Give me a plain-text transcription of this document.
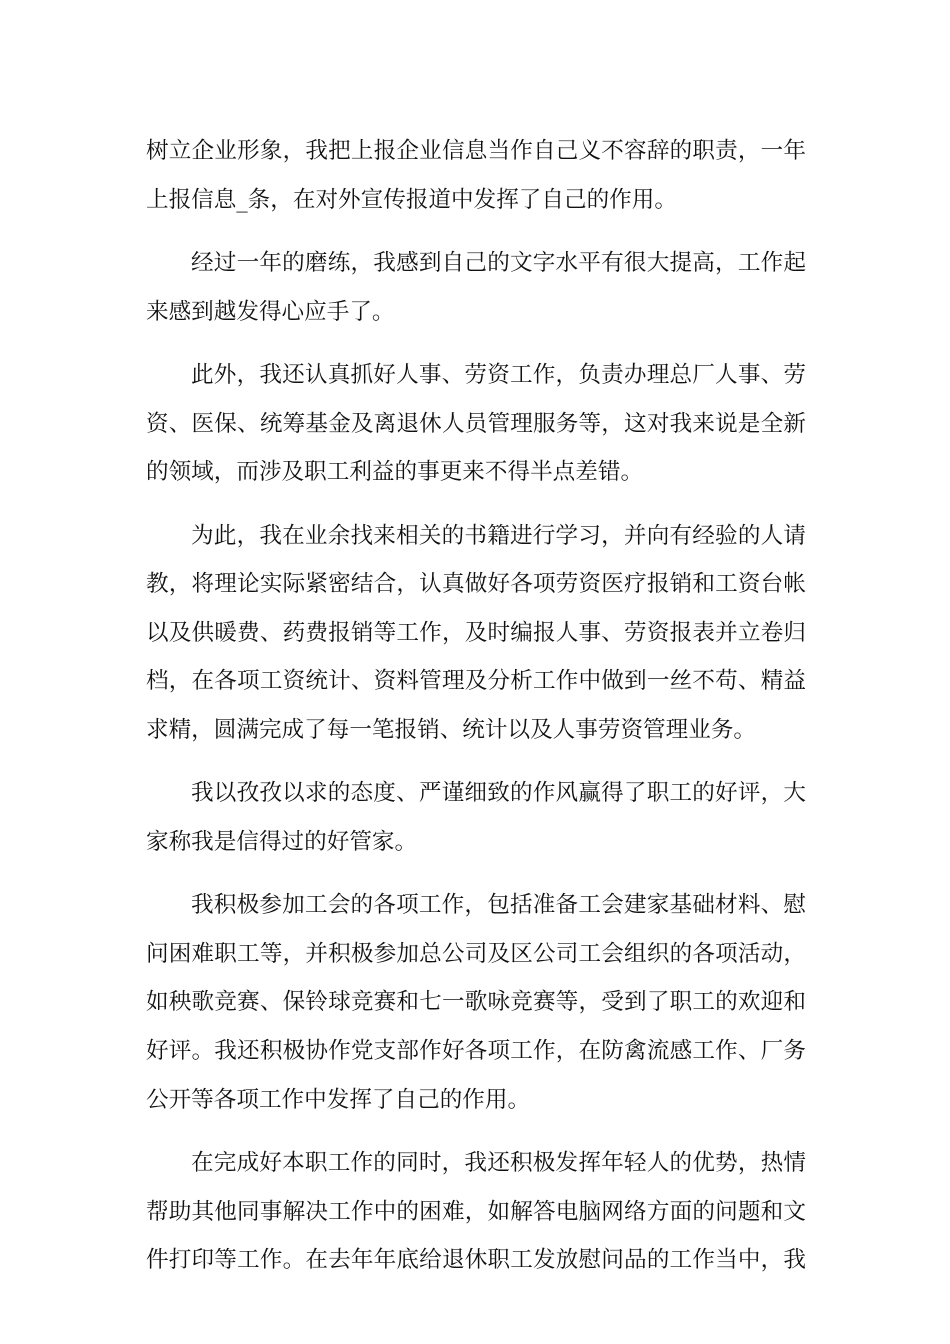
树立企业形象，我把上报企业信息当作自己义不容辞的职责，一年
上报信息_条，在对外宣传报道中发挥了自己的作用。
经过一年的磨练，我感到自己的文字水平有很大提高，工作起
来感到越发得心应手了。
此外，我还认真抓好人事、劳资工作，负责办理总厂人事、劳
资、医保、统筹基金及离退休人员管理服务等，这对我来说是全新
的领域，而涉及职工利益的事更来不得半点差错。
为此，我在业余找来相关的书籍进行学习，并向有经验的人请
教，将理论实际紧密结合，认真做好各项劳资医疗报销和工资台帐
以及供暖费、药费报销等工作，及时编报人事、劳资报表并立卷归
档，在各项工资统计、资料管理及分析工作中做到一丝不苟、精益
求精，圆满完成了每一笔报销、统计以及人事劳资管理业务。
我以孜孜以求的态度、严谨细致的作风赢得了职工的好评，大
家称我是信得过的好管家。
我积极参加工会的各项工作，包括准备工会建家基础材料、慰
问困难职工等，并积极参加总公司及区公司工会组织的各项活动，
如秧歌竞赛、保铃球竞赛和七一歌咏竞赛等，受到了职工的欢迎和
好评。我还积极协作党支部作好各项工作，在防禽流感工作、厂务
公开等各项工作中发挥了自己的作用。
在完成好本职工作的同时，我还积极发挥年轻人的优势，热情
帮助其他同事解决工作中的困难，如解答电脑网络方面的问题和文
件打印等工作。在去年年底给退休职工发放慰问品的工作当中，我
